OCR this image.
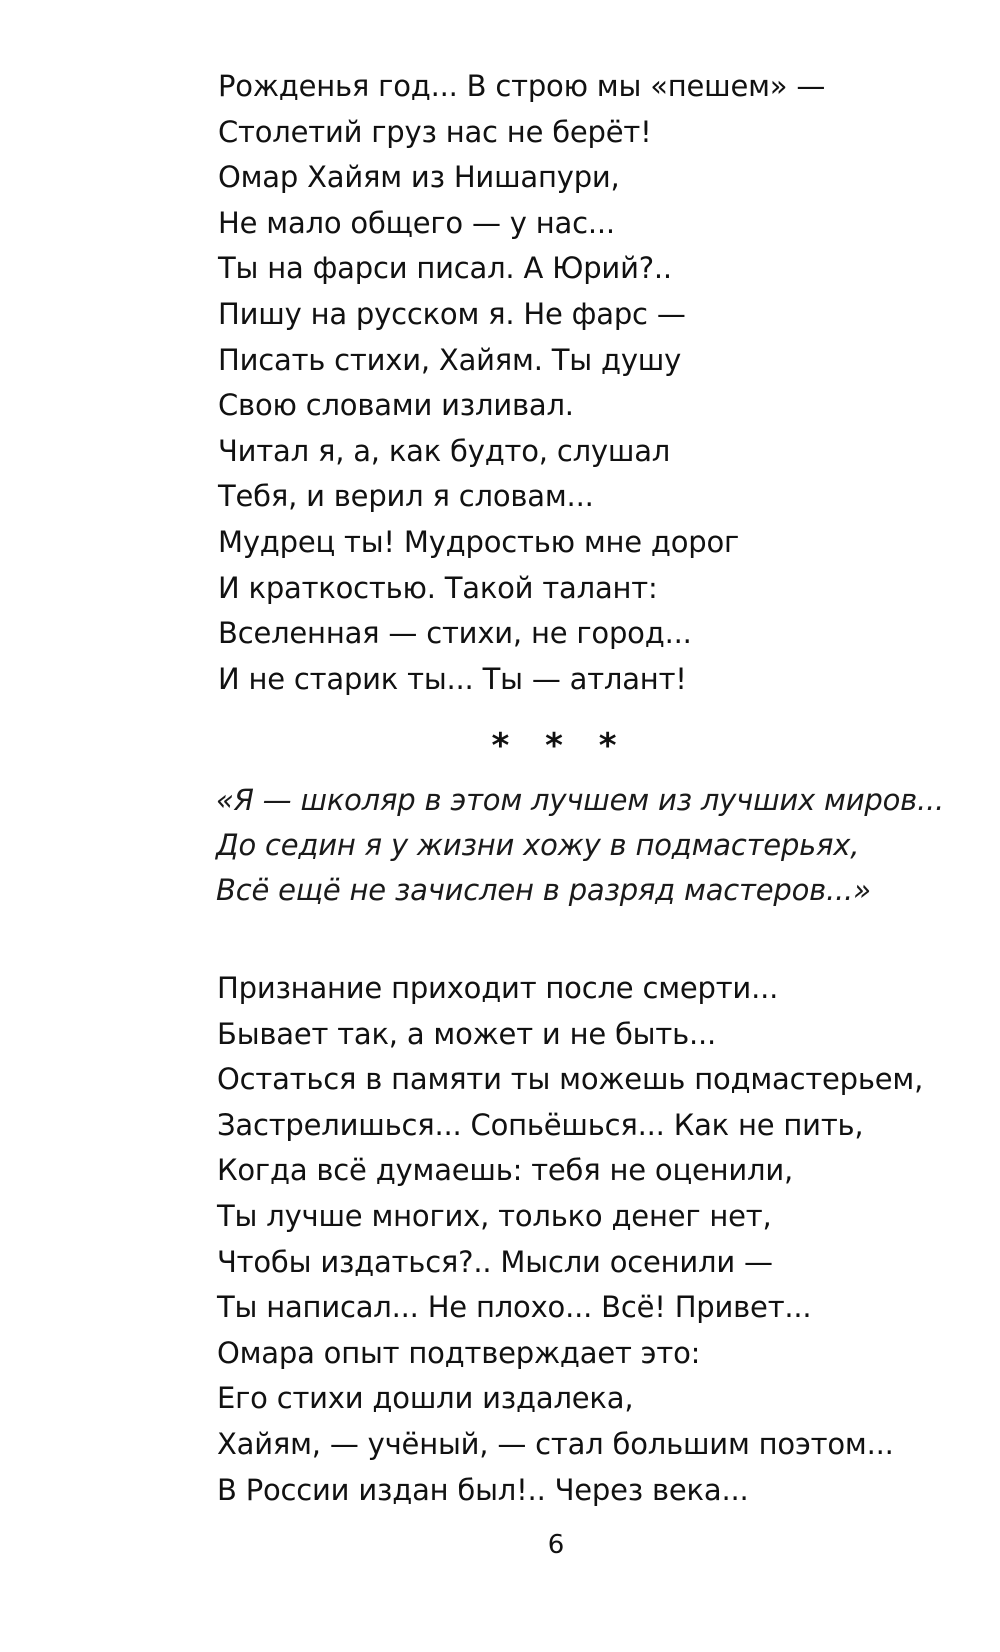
Рожденья год... В строю мы «пешем» —
Столетий груз нас не берёт!
Омар Хайям из Нишапури,
Не мало общего — у нас...
Ты на фарси писал. А Юрий?..
Пишу на русском я. Не фарс —
Писать стихи, Хайям. Ты душу
Свою словами изливал.
Читал я, а, как будто, слушал
Тебя, и верил я словам...
Мудрец ты! Мудростью мне дорог
И краткостью. Такой талант:
Вселенная — стихи, не город...
И не старик ты... Ты — атлант!
* * *
«Я — школяр в этом лучшем из лучших миров...
До седин я у жизни хожу в подмастерьях,
Всё ещё не зачислен в разряд мастеров...»
Признание приходит после смерти...
Бывает так, а может и не быть...
Остаться в памяти ты можешь подмастерьем,
Застрелишься... Сопьёшься... Как не пить,
Когда всё думаешь: тебя не оценили,
Ты лучше многих, только денег нет,
Чтобы издаться?.. Мысли осенили —
Ты написал... Не плохо... Всё! Привет...
Омара опыт подтверждает это:
Его стихи дошли издалека,
Хайям, — учёный, — стал большим поэтом...
В России издан был!.. Через века...
6
